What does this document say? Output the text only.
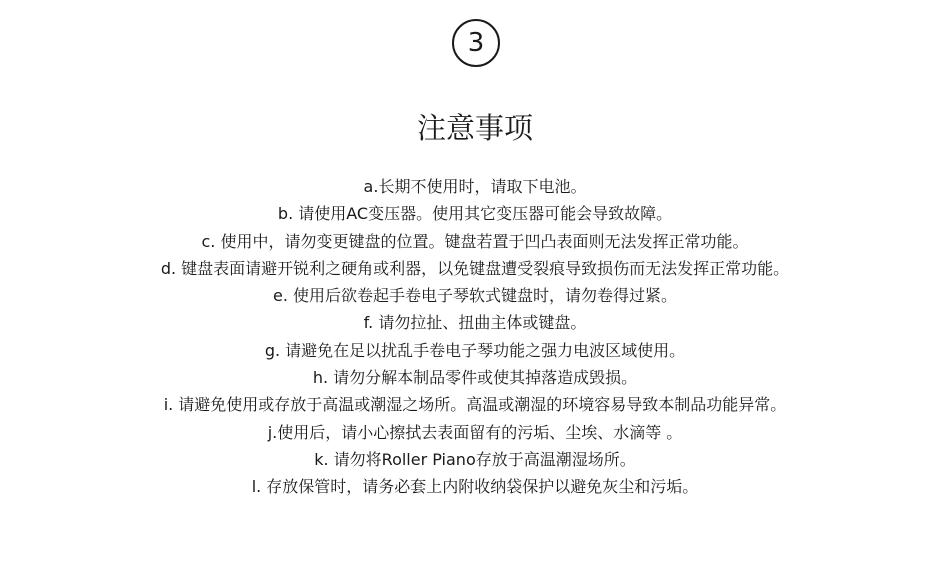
3
注意事项
a.长期不使用时，请取下电池。
b. 请使用AC变压器。使用其它变压器可能会导致故障。
c. 使用中，请勿变更键盘的位置。键盘若置于凹凸表面则无法发挥正常功能。
d. 键盘表面请避开锐利之硬角或利器，以免键盘遭受裂痕导致损伤而无法发挥正常功能。
e. 使用后欲卷起手卷电子琴软式键盘时，请勿卷得过紧。
f. 请勿拉扯、扭曲主体或键盘。
g. 请避免在足以扰乱手卷电子琴功能之强力电波区域使用。
h. 请勿分解本制品零件或使其掉落造成毁损。
i. 请避免使用或存放于高温或潮湿之场所。高温或潮湿的环境容易导致本制品功能异常。
j.使用后，请小心擦拭去表面留有的污垢、尘埃、水滴等 。
k. 请勿将Roller Piano存放于高温潮湿场所。
l. 存放保管时，请务必套上内附收纳袋保护以避免灰尘和污垢。
